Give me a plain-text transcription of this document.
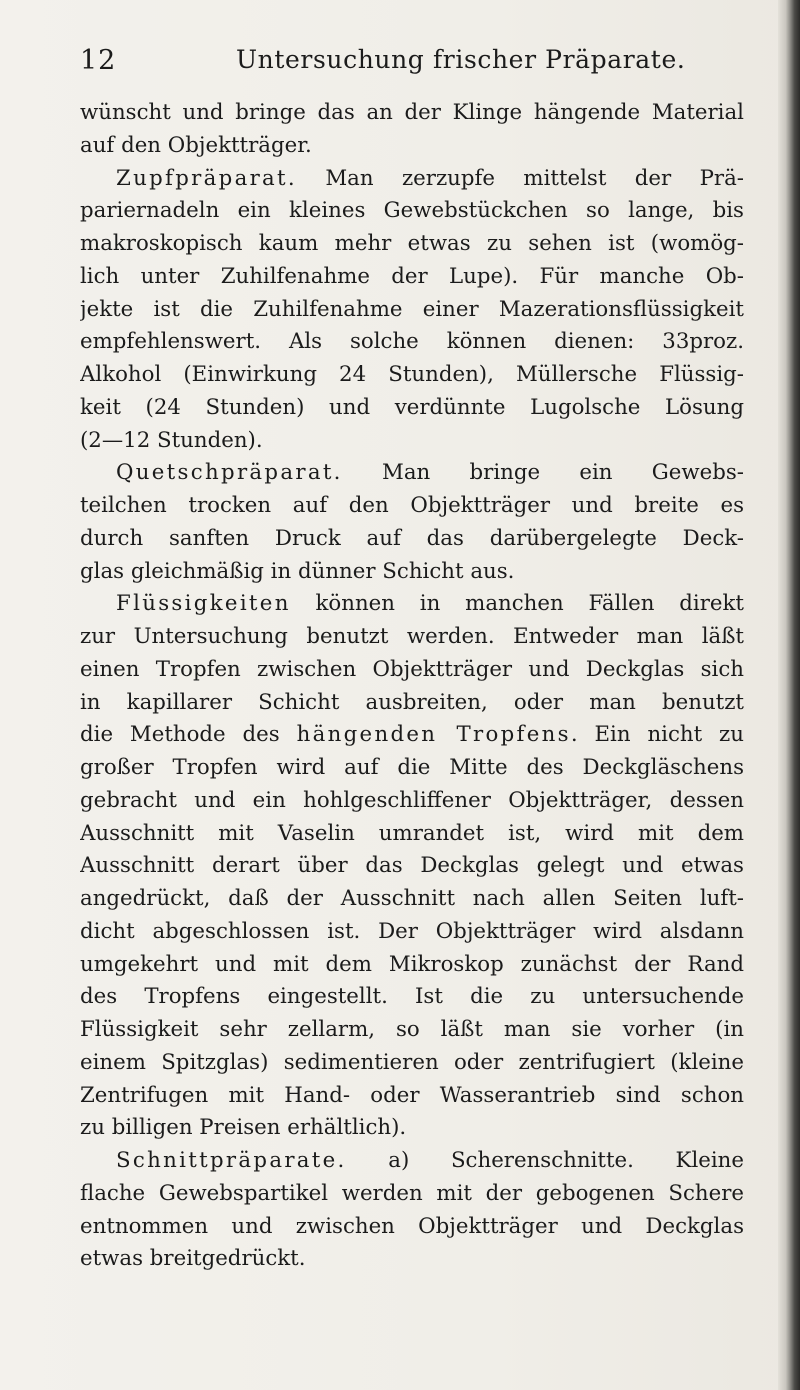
12	Untersuchung frischer Präparate.
wünscht und bringe das an der Klinge hängende Material
auf den Objektträger.
Zupfpräparat. Man zerzupfe mittelst der Prä-
pariernadeln ein kleines Gewebstückchen so lange, bis
makroskopisch kaum mehr etwas zu sehen ist (womög-
lich unter Zuhilfenahme der Lupe). Für manche Ob-
jekte ist die Zuhilfenahme einer Mazerationsflüssigkeit
empfehlenswert. Als solche können dienen: 33proz.
Alkohol (Einwirkung 24 Stunden), Müllersche Flüssig-
keit (24 Stunden) und verdünnte Lugolsche Lösung
(2—12 Stunden).
Quetschpräparat. Man bringe ein Gewebs-
teilchen trocken auf den Objektträger und breite es
durch sanften Druck auf das darübergelegte Deck-
glas gleichmäßig in dünner Schicht aus.
Flüssigkeiten können in manchen Fällen direkt
zur Untersuchung benutzt werden. Entweder man läßt
einen Tropfen zwischen Objektträger und Deckglas sich
in kapillarer Schicht ausbreiten, oder man benutzt
die Methode des hängenden Tropfens. Ein nicht zu
großer Tropfen wird auf die Mitte des Deckgläschens
gebracht und ein hohlgeschliffener Objektträger, dessen
Ausschnitt mit Vaselin umrandet ist, wird mit dem
Ausschnitt derart über das Deckglas gelegt und etwas
angedrückt, daß der Ausschnitt nach allen Seiten luft-
dicht abgeschlossen ist. Der Objektträger wird alsdann
umgekehrt und mit dem Mikroskop zunächst der Rand
des Tropfens eingestellt. Ist die zu untersuchende
Flüssigkeit sehr zellarm, so läßt man sie vorher (in
einem Spitzglas) sedimentieren oder zentrifugiert (kleine
Zentrifugen mit Hand- oder Wasserantrieb sind schon
zu billigen Preisen erhältlich).
Schnittpräparate. a) Scherenschnitte. Kleine
flache Gewebspartikel werden mit der gebogenen Schere
entnommen und zwischen Objektträger und Deckglas
etwas breitgedrückt.
